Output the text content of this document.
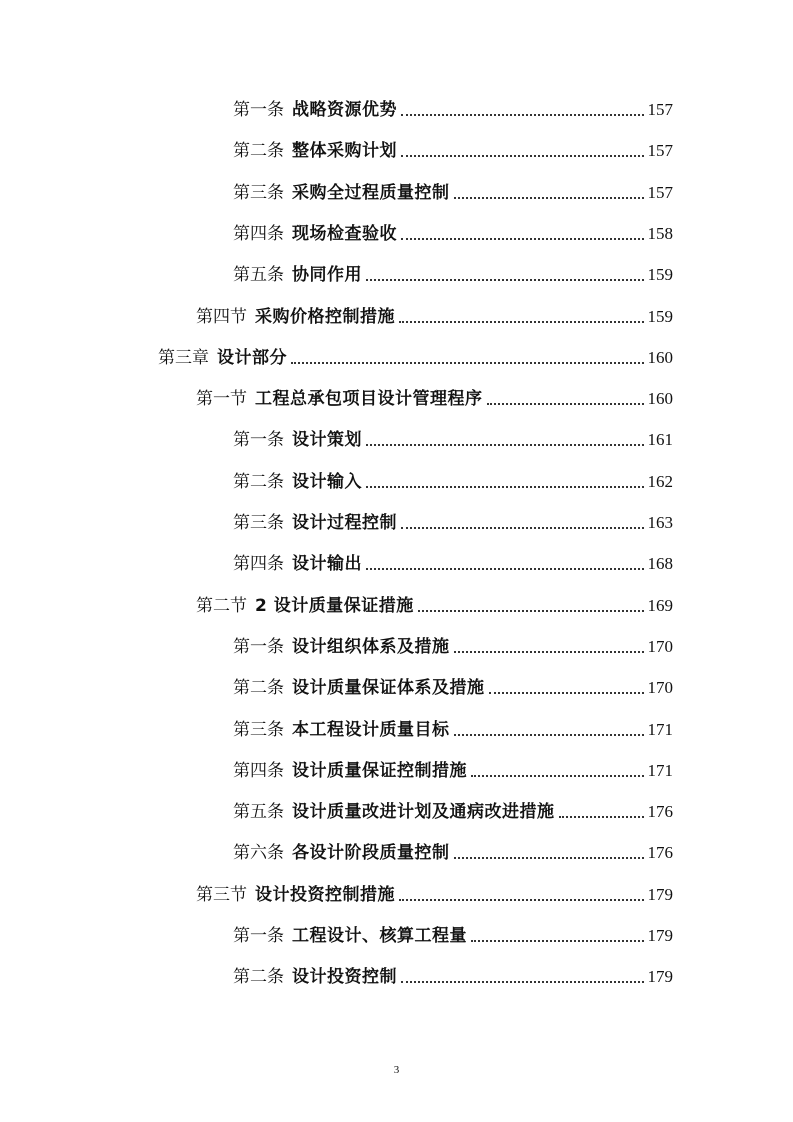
第一条 战略资源优势	157
第二条 整体采购计划	157
第三条 采购全过程质量控制	157
第四条 现场检查验收	158
第五条 协同作用	159
第四节 采购价格控制措施	159
第三章 设计部分	160
第一节 工程总承包项目设计管理程序	160
第一条 设计策划	161
第二条 设计输入	162
第三条 设计过程控制	163
第四条 设计输出	168
第二节 2 设计质量保证措施	169
第一条 设计组织体系及措施	170
第二条 设计质量保证体系及措施	170
第三条 本工程设计质量目标	171
第四条 设计质量保证控制措施	171
第五条 设计质量改进计划及通病改进措施	176
第六条 各设计阶段质量控制	176
第三节 设计投资控制措施	179
第一条 工程设计、核算工程量	179
第二条 设计投资控制	179
3
